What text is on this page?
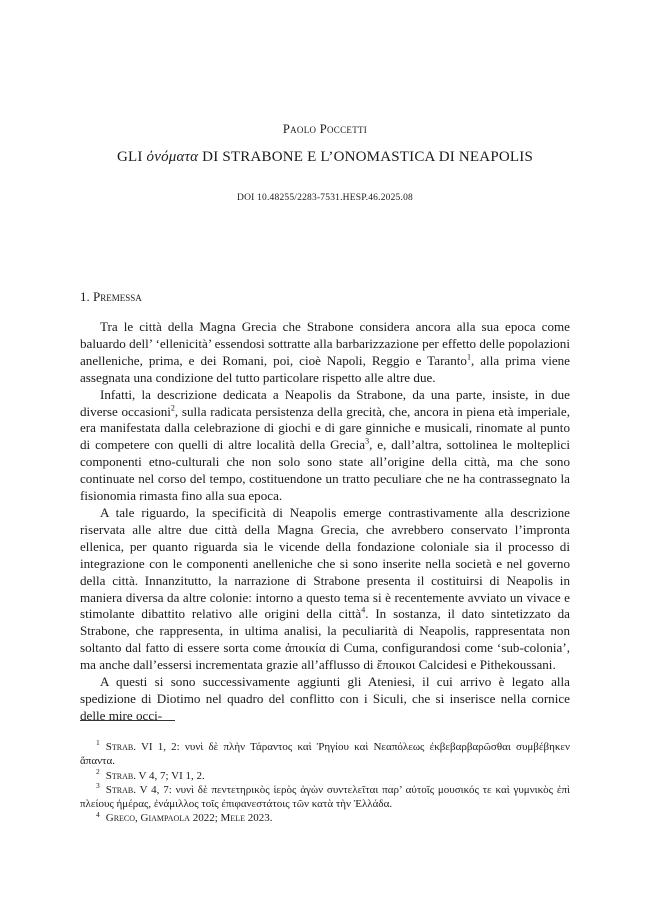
Paolo Poccetti
GLI ὀνόματα DI STRABONE E L’ONOMASTICA DI NEAPOLIS
DOI 10.48255/2283-7531.HESP.46.2025.08
1. Premessa

Tra le città della Magna Grecia che Strabone considera ancora alla sua epoca come baluardo dell’ ‘ellenicità’ essendosi sottratte alla barbarizzazione per effetto delle popolazioni anelleniche, prima, e dei Romani, poi, cioè Napoli, Reggio e Taranto$^1$, alla prima viene assegnata una condizione del tutto particolare rispetto alle altre due.

Infatti, la descrizione dedicata a Neapolis da Strabone, da una parte, insiste, in due diverse occasioni$^2$, sulla radicata persistenza della grecità, che, ancora in piena età imperiale, era manifestata dalla celebrazione di giochi e di gare ginniche e musicali, rinomate al punto di competere con quelli di altre località della Grecia$^3$, e, dall’altra, sottolinea le molteplici componenti etno-culturali che non solo sono state all’origine della città, ma che sono continuate nel corso del tempo, costituendone un tratto peculiare che ne ha contrassegnato la fisionomia rimasta fino alla sua epoca.

A tale riguardo, la specificità di Neapolis emerge contrastivamente alla descrizione riservata alle altre due città della Magna Grecia, che avrebbero conservato l’impronta ellenica, per quanto riguarda sia le vicende della fondazione coloniale sia il processo di integrazione con le componenti anelleniche che si sono inserite nella società e nel governo della città. Innanzitutto, la narrazione di Strabone presenta il costituirsi di Neapolis in maniera diversa da altre colonie: intorno a questo tema si è recentemente avviato un vivace e stimolante dibattito relativo alle origini della città$^4$. In sostanza, il dato sintetizzato da Strabone, che rappresenta, in ultima analisi, la peculiarità di Neapolis, rappresentata non soltanto dal fatto di essere sorta come ἀποικία di Cuma, configurandosi come ‘sub-colonia’, ma anche dall’essersi incrementata grazie all’afflusso di ἔποικοι Calcidesi e Pithekoussani.

A questi si sono successivamente aggiunti gli Ateniesi, il cui arrivo è legato alla spedizione di Diotimo nel quadro del conflitto con i Siculi, che si inserisce nella cornice delle mire occi-

$^1$ Strab. VI 1, 2: νυνὶ δὲ πλὴν Τάραντος καὶ Ῥηγίου καὶ Νεαπόλεως ἐκβεβαρβαρῶσθαι συμβέβηκεν ἅπαντα.

$^2$ Strab. V 4, 7; VI 1, 2.

$^3$ Strab. V 4, 7: νυνὶ δὲ πεντετηρικὸς ἱερὸς ἀγὼν συντελεῖται παρ’ αὐτοῖς μουσικός τε καὶ γυμνικὸς ἐπὶ πλείους ἡμέρας, ἐνάμιλλος τοῖς ἐπιφανεστάτοις τῶν κατὰ τὴν Ἑλλάδα.

$^4$ Greco, Giampaola 2022; Mele 2023.
